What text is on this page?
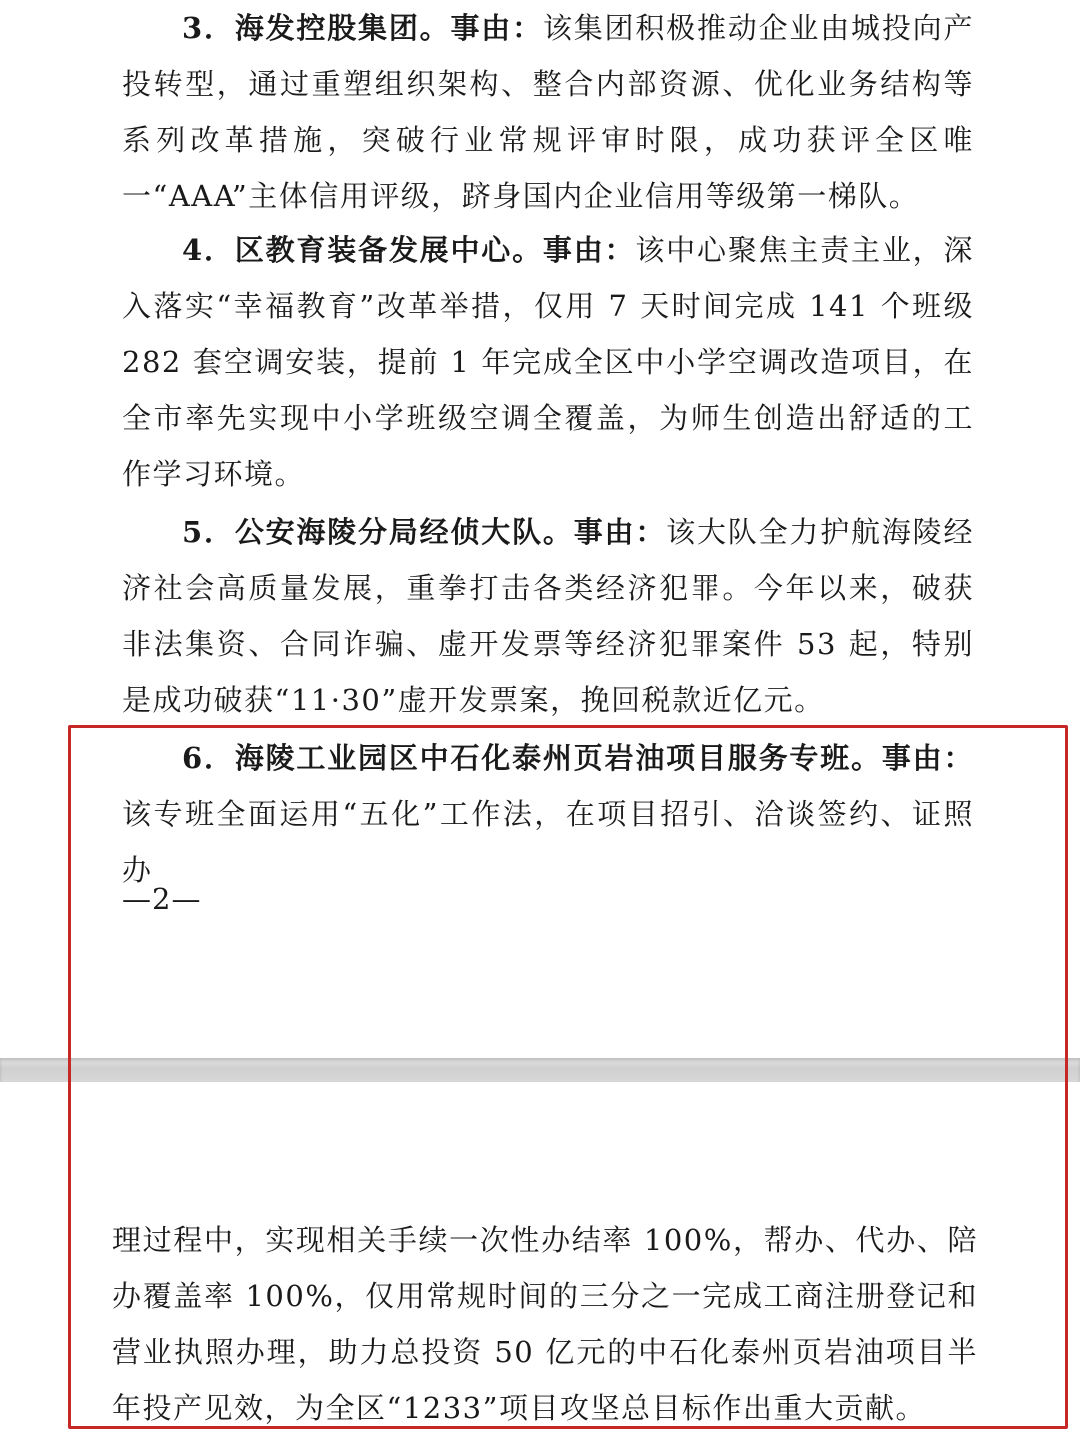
3．海发控股集团。事由：该集团积极推动企业由城投向产投转型，通过重塑组织架构、整合内部资源、优化业务结构等系列改革措施，突破行业常规评审时限，成功获评全区唯一“AAA”主体信用评级，跻身国内企业信用等级第一梯队。

4．区教育装备发展中心。事由：该中心聚焦主责主业，深入落实“幸福教育”改革举措，仅用 7 天时间完成 141 个班级 282 套空调安装，提前 1 年完成全区中小学空调改造项目，在全市率先实现中小学班级空调全覆盖，为师生创造出舒适的工作学习环境。

5．公安海陵分局经侦大队。事由：该大队全力护航海陵经济社会高质量发展，重拳打击各类经济犯罪。今年以来，破获非法集资、合同诈骗、虚开发票等经济犯罪案件 53 起，特别是成功破获“11·30”虚开发票案，挽回税款近亿元。

6．海陵工业园区中石化泰州页岩油项目服务专班。事由：该专班全面运用“五化”工作法，在项目招引、洽谈签约、证照办

—2—

理过程中，实现相关手续一次性办结率 100%，帮办、代办、陪办覆盖率 100%，仅用常规时间的三分之一完成工商注册登记和营业执照办理，助力总投资 50 亿元的中石化泰州页岩油项目半年投产见效，为全区“1233”项目攻坚总目标作出重大贡献。
